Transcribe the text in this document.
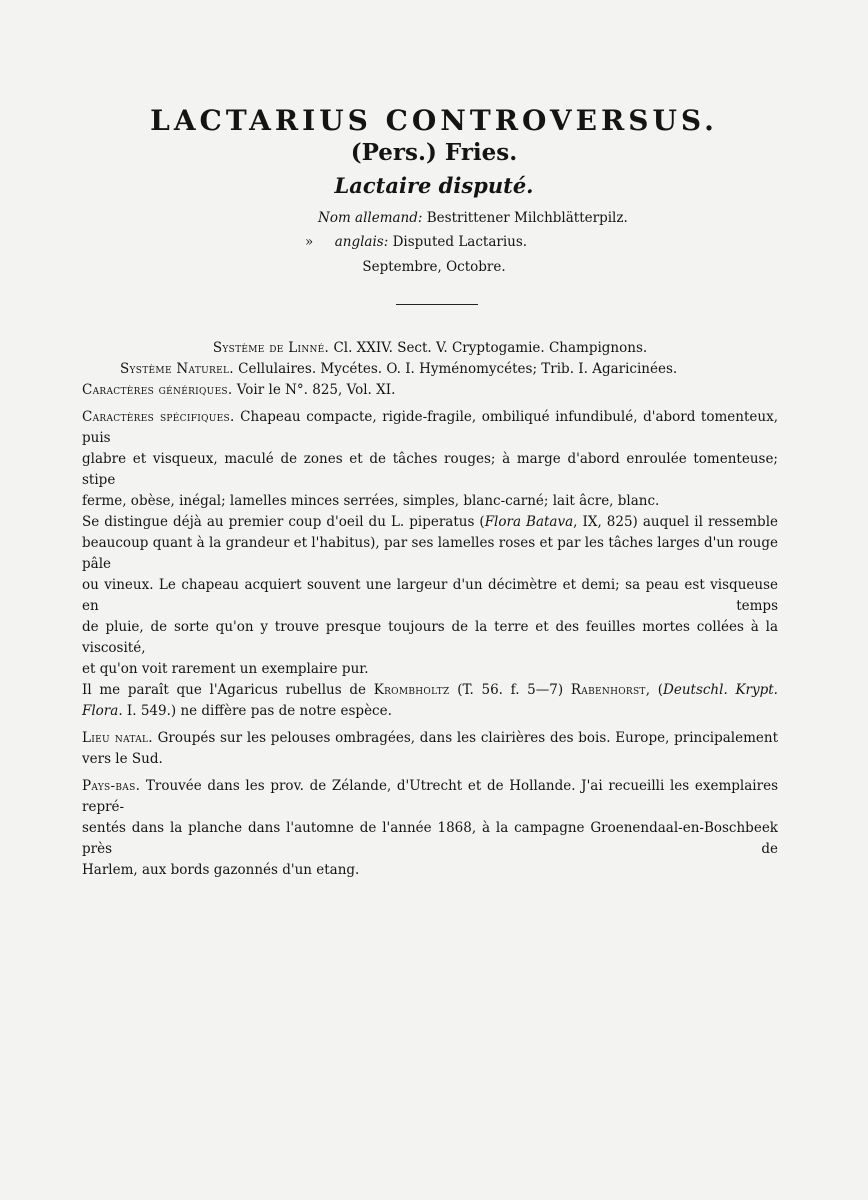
LACTARIUS CONTROVERSUS.
(Pers.) Fries.
Lactaire disputé.
Nom allemand: Bestrittener Milchblätterpilz.
» anglais: Disputed Lactarius.
Septembre, Octobre.
Système de Linné. Cl. XXIV. Sect. V. Cryptogamie. Champignons.
Système Naturel. Cellulaires. Mycétes. O. I. Hyménomycétes; Trib. I. Agaricinées.
Caractères génériques. Voir le N°. 825, Vol. XI.
Caractères spécifiques. Chapeau compacte, rigide-fragile, ombiliqué infundibulé, d'abord tomenteux, puis
glabre et visqueux, maculé de zones et de tâches rouges; à marge d'abord enroulée tomenteuse; stipe
ferme, obèse, inégal; lamelles minces serrées, simples, blanc-carné; lait âcre, blanc.
Se distingue déjà au premier coup d'oeil du L. piperatus (Flora Batava, IX, 825) auquel il ressemble
beaucoup quant à la grandeur et l'habitus), par ses lamelles roses et par les tâches larges d'un rouge pâle
ou vineux. Le chapeau acquiert souvent une largeur d'un décimètre et demi; sa peau est visqueuse en temps
de pluie, de sorte qu'on y trouve presque toujours de la terre et des feuilles mortes collées à la viscosité,
et qu'on voit rarement un exemplaire pur.
Il me paraît que l'Agaricus rubellus de Krombholtz (T. 56. f. 5—7) Rabenhorst, (Deutschl. Krypt.
Flora. I. 549.) ne diffère pas de notre espèce.
Lieu natal. Groupés sur les pelouses ombragées, dans les clairières des bois. Europe, principalement
vers le Sud.
Pays-bas. Trouvée dans les prov. de Zélande, d'Utrecht et de Hollande. J'ai recueilli les exemplaires repré-
sentés dans la planche dans l'automne de l'année 1868, à la campagne Groenendaal-en-Boschbeek près de
Harlem, aux bords gazonnés d'un etang.
